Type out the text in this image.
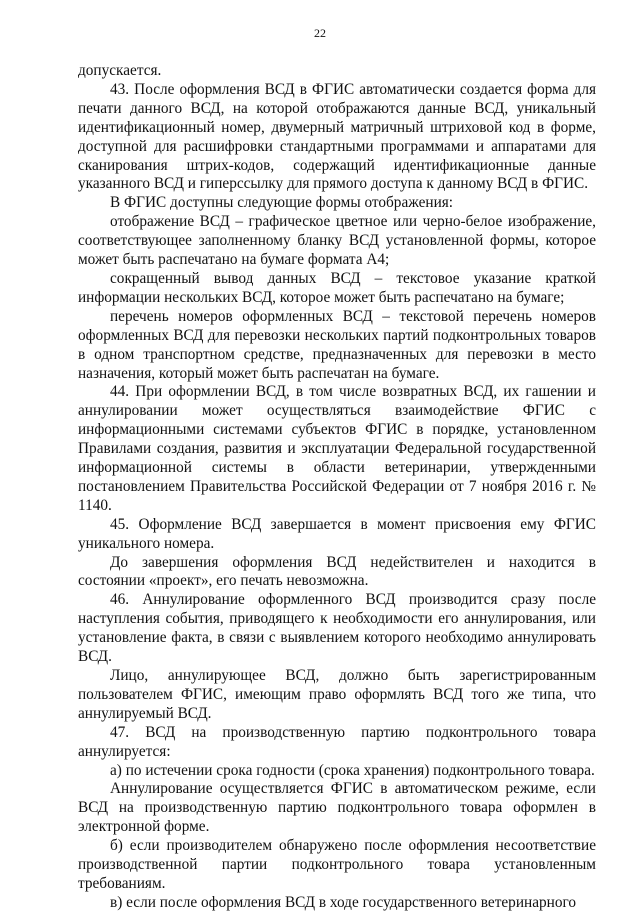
22

допускается.

43. После оформления ВСД в ФГИС автоматически создается форма для печати данного ВСД, на которой отображаются данные ВСД, уникальный идентификационный номер, двумерный матричный штриховой код в форме, доступной для расшифровки стандартными программами и аппаратами для сканирования штрих-кодов, содержащий идентификационные данные указанного ВСД и гиперссылку для прямого доступа к данному ВСД в ФГИС.

В ФГИС доступны следующие формы отображения:

отображение ВСД – графическое цветное или черно-белое изображение, соответствующее заполненному бланку ВСД установленной формы, которое может быть распечатано на бумаге формата А4;

сокращенный вывод данных ВСД – текстовое указание краткой информации нескольких ВСД, которое может быть распечатано на бумаге;

перечень номеров оформленных ВСД – текстовой перечень номеров оформленных ВСД для перевозки нескольких партий подконтрольных товаров в одном транспортном средстве, предназначенных для перевозки в место назначения, который может быть распечатан на бумаге.

44. При оформлении ВСД, в том числе возвратных ВСД, их гашении и аннулировании может осуществляться взаимодействие ФГИС с информационными системами субъектов ФГИС в порядке, установленном Правилами создания, развития и эксплуатации Федеральной государственной информационной системы в области ветеринарии, утвержденными постановлением Правительства Российской Федерации от 7 ноября 2016 г. № 1140.

45. Оформление ВСД завершается в момент присвоения ему ФГИС уникального номера.

До завершения оформления ВСД недействителен и находится в состоянии «проект», его печать невозможна.

46. Аннулирование оформленного ВСД производится сразу после наступления события, приводящего к необходимости его аннулирования, или установление факта, в связи с выявлением которого необходимо аннулировать ВСД.

Лицо, аннулирующее ВСД, должно быть зарегистрированным пользователем ФГИС, имеющим право оформлять ВСД того же типа, что аннулируемый ВСД.

47. ВСД на производственную партию подконтрольного товара аннулируется:

а) по истечении срока годности (срока хранения) подконтрольного товара.

Аннулирование осуществляется ФГИС в автоматическом режиме, если ВСД на производственную партию подконтрольного товара оформлен в электронной форме.

б) если производителем обнаружено после оформления несоответствие производственной партии подконтрольного товара установленным требованиям.

в) если после оформления ВСД в ходе государственного ветеринарного
